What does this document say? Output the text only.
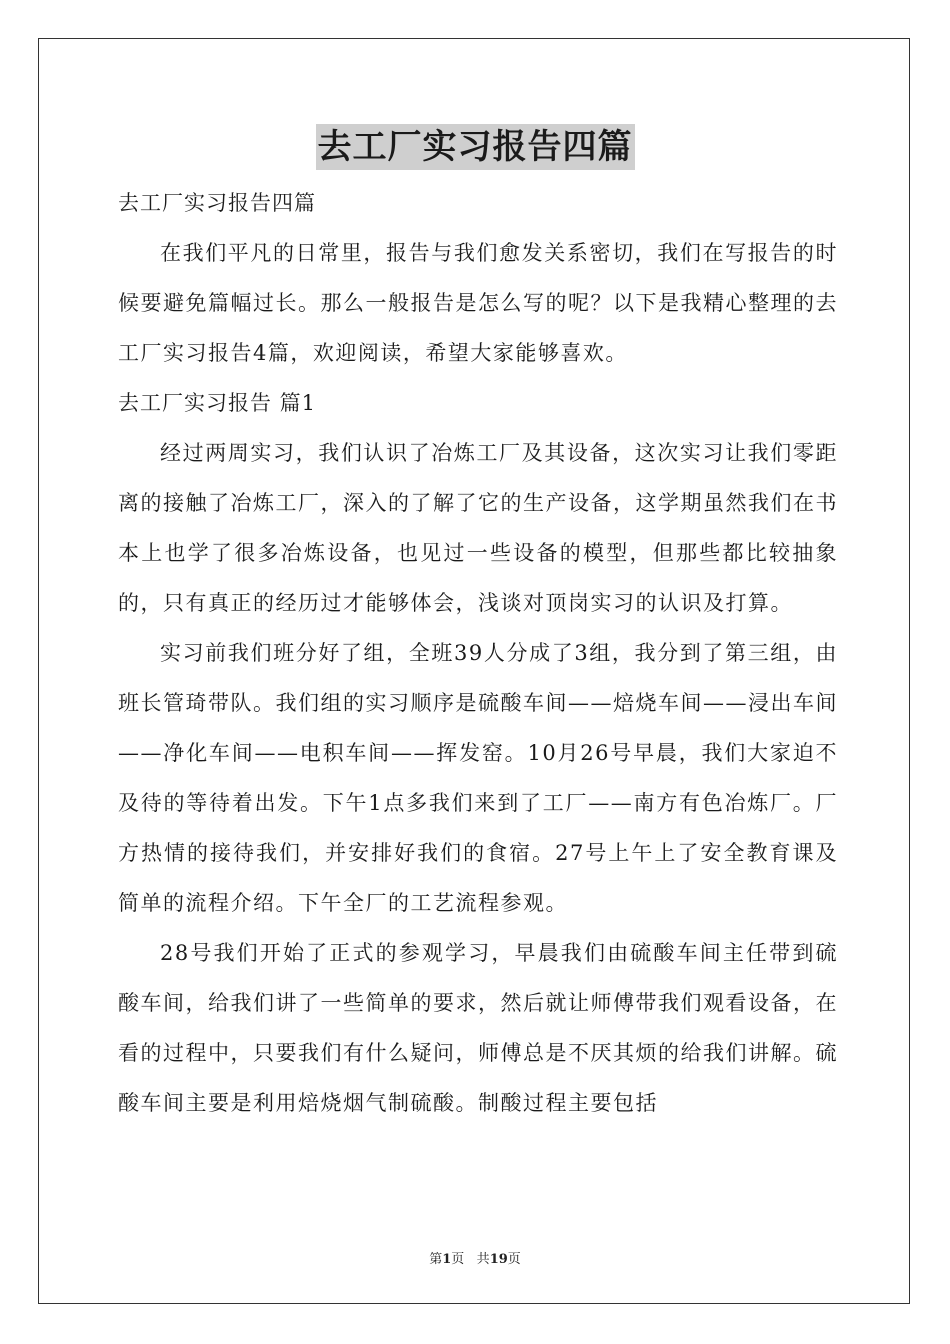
去工厂实习报告四篇

去工厂实习报告四篇

在我们平凡的日常里，报告与我们愈发关系密切，我们在写报告的时候要避免篇幅过长。那么一般报告是怎么写的呢？以下是我精心整理的去工厂实习报告4篇，欢迎阅读，希望大家能够喜欢。

去工厂实习报告 篇1

经过两周实习，我们认识了冶炼工厂及其设备，这次实习让我们零距离的接触了冶炼工厂，深入的了解了它的生产设备，这学期虽然我们在书本上也学了很多冶炼设备，也见过一些设备的模型，但那些都比较抽象的，只有真正的经历过才能够体会，浅谈对顶岗实习的认识及打算。

实习前我们班分好了组，全班39人分成了3组，我分到了第三组，由班长管琦带队。我们组的实习顺序是硫酸车间——焙烧车间——浸出车间——净化车间——电积车间——挥发窑。10月26号早晨，我们大家迫不及待的等待着出发。下午1点多我们来到了工厂——南方有色冶炼厂。厂方热情的接待我们，并安排好我们的食宿。27号上午上了安全教育课及简单的流程介绍。下午全厂的工艺流程参观。

28号我们开始了正式的参观学习，早晨我们由硫酸车间主任带到硫酸车间，给我们讲了一些简单的要求，然后就让师傅带我们观看设备，在看的过程中，只要我们有什么疑问，师傅总是不厌其烦的给我们讲解。硫酸车间主要是利用焙烧烟气制硫酸。制酸过程主要包括

第1页 共19页
